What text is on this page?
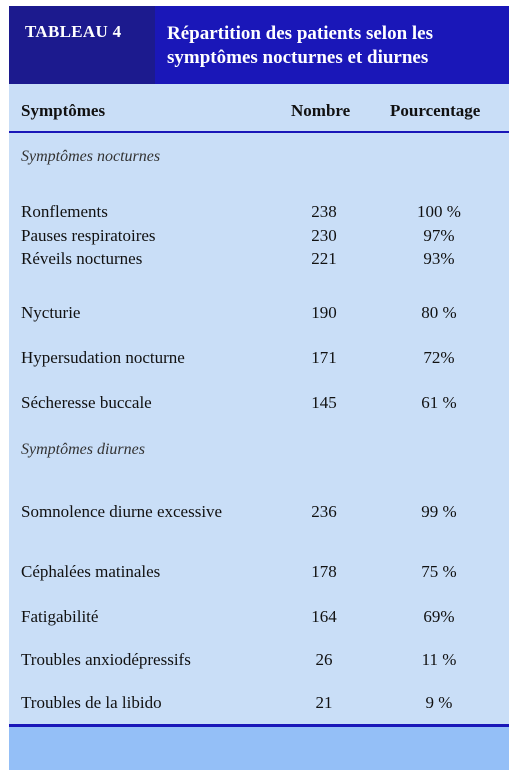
TABLEAU 4	Répartition des patients selon les
symptômes nocturnes et diurnes
Symptômes	Nombre Pourcentage
Symptômes nocturnes
Ronflements	238	100 %
Pauses respiratoires	230	97%
Réveils nocturnes	221	93%
Nycturie	190	80 %
Hypersudation nocturne	171	72%
Sécheresse buccale	145	61 %
Symptômes diurnes
Somnolence diurne excessive	236	99 %
Céphalées matinales	178	75 %
Fatigabilité	164	69%
Troubles anxiodépressifs	26	11 %
Troubles de la libido	21	9 %
